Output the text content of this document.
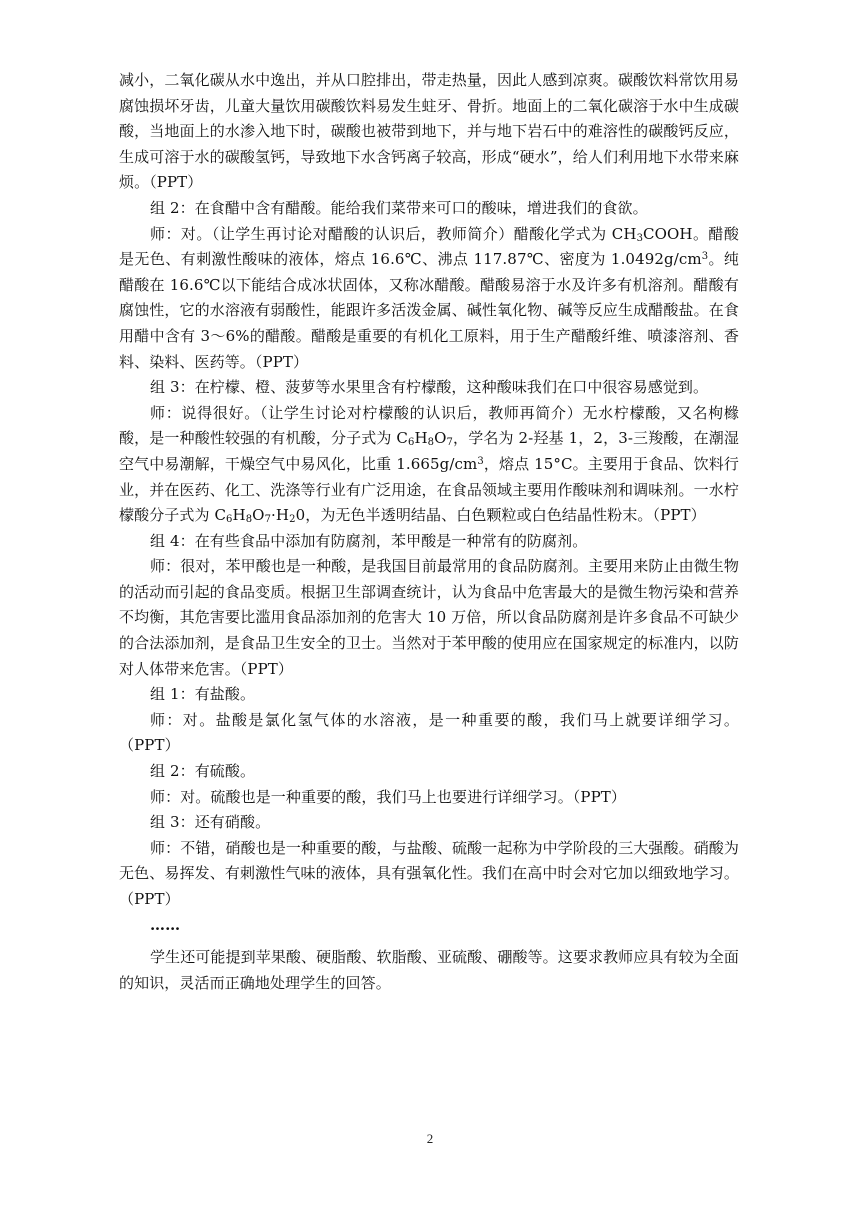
减小，二氧化碳从水中逸出，并从口腔排出，带走热量，因此人感到凉爽。碳酸饮料常饮用易腐蚀损坏牙齿，儿童大量饮用碳酸饮料易发生蛀牙、骨折。地面上的二氧化碳溶于水中生成碳酸，当地面上的水渗入地下时，碳酸也被带到地下，并与地下岩石中的难溶性的碳酸钙反应，生成可溶于水的碳酸氢钙，导致地下水含钙离子较高，形成“硬水”，给人们利用地下水带来麻烦。（PPT）

组 2：在食醋中含有醋酸。能给我们菜带来可口的酸味，增进我们的食欲。

师：对。（让学生再讨论对醋酸的认识后，教师简介）醋酸化学式为 $CH_3COOH$。醋酸是无色、有刺激性酸味的液体，熔点 16.6℃、沸点 117.87℃、密度为 $1.0492g/cm^3$。纯醋酸在 16.6℃以下能结合成冰状固体，又称冰醋酸。醋酸易溶于水及许多有机溶剂。醋酸有腐蚀性，它的水溶液有弱酸性，能跟许多活泼金属、碱性氧化物、碱等反应生成醋酸盐。在食用醋中含有 3～6%的醋酸。醋酸是重要的有机化工原料，用于生产醋酸纤维、喷漆溶剂、香料、染料、医药等。（PPT）

组 3：在柠檬、橙、菠萝等水果里含有柠檬酸，这种酸味我们在口中很容易感觉到。

师：说得很好。（让学生讨论对柠檬酸的认识后，教师再简介）无水柠檬酸，又名枸橼酸，是一种酸性较强的有机酸，分子式为 $C_6H_8O_7$，学名为 2-羟基 1，2，3-三羧酸，在潮湿空气中易潮解，干燥空气中易风化，比重 $1.665g/cm^3$，熔点 15°C。主要用于食品、饮料行业，并在医药、化工、洗涤等行业有广泛用途，在食品领域主要用作酸味剂和调味剂。一水柠檬酸分子式为 $C_6H_8O_7\cdot H_20$，为无色半透明结晶、白色颗粒或白色结晶性粉末。（PPT）

组 4：在有些食品中添加有防腐剂，苯甲酸是一种常有的防腐剂。

师：很对，苯甲酸也是一种酸，是我国目前最常用的食品防腐剂。主要用来防止由微生物的活动而引起的食品变质。根据卫生部调查统计，认为食品中危害最大的是微生物污染和营养不均衡，其危害要比滥用食品添加剂的危害大 10 万倍，所以食品防腐剂是许多食品不可缺少的合法添加剂，是食品卫生安全的卫士。当然对于苯甲酸的使用应在国家规定的标准内，以防对人体带来危害。（PPT）

组 1：有盐酸。

师：对。盐酸是氯化氢气体的水溶液，是一种重要的酸，我们马上就要详细学习。（PPT）

组 2：有硫酸。

师：对。硫酸也是一种重要的酸，我们马上也要进行详细学习。（PPT）

组 3：还有硝酸。

师：不错，硝酸也是一种重要的酸，与盐酸、硫酸一起称为中学阶段的三大强酸。硝酸为无色、易挥发、有刺激性气味的液体，具有强氧化性。我们在高中时会对它加以细致地学习。（PPT）

……

学生还可能提到苹果酸、硬脂酸、软脂酸、亚硫酸、硼酸等。这要求教师应具有较为全面的知识，灵活而正确地处理学生的回答。

2
